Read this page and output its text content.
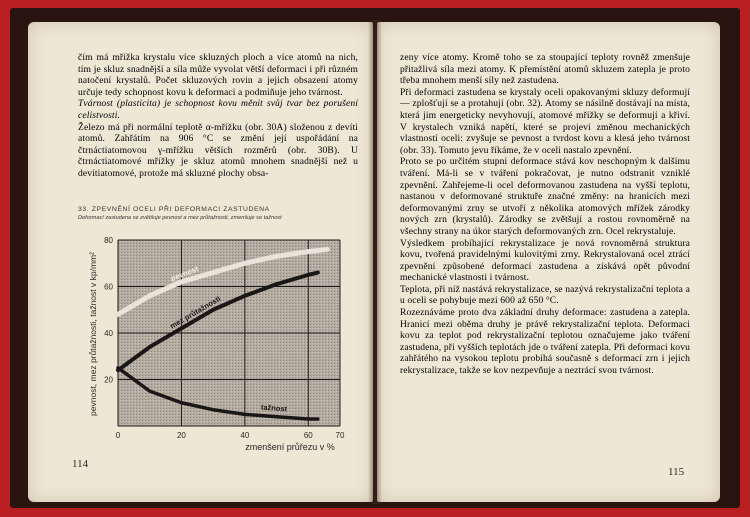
čím má mřížka krystalu více skluzných ploch a více atomů na nich, tím je skluz snadnější a síla může vyvolat větší deformaci i při různém natočení krystalů. Počet skluzových rovin a jejich obsazení atomy určuje tedy schopnost kovu k deformaci a podmiňuje jeho tvárnost.

Tvárnost (plasticita) je schopnost kovu měnit svůj tvar bez porušení celistvosti.

Železo má při normální teplotě α-mřížku (obr. 30A) složenou z devíti atomů. Zahřátím na 906 °C se změní její uspořádání na čtrnáctiatomovou γ-mřížku větších rozměrů (obr. 30B). U čtrnáctiatomové mřížky je skluz atomů mnohem snadnější než u devítiatomové, protože má skluzné plochy obsa-

33. ZPEVNĚNÍ OCELI PŘI DEFORMACI ZASTUDENA
Deformací zastudena se zvětšuje pevnost a mez průtažnosti, zmenšuje se tažnost
pevnost
mez průtažnosti
tažnost
0	20	40	60	70
20
40
60
80
zmenšení průřezu v %
pevnost, mez průtažnosti, tažnost v kp/mm²
114

zeny více atomy. Kromě toho se za stoupající teploty rovněž zmenšuje přitažlivá síla mezi atomy. K přemístění atomů skluzem zatepla je proto třeba mnohem menší síly než zastudena.

Při deformaci zastudena se krystaly oceli opakovanými skluzy deformují — zplošťují se a protahují (obr. 32). Atomy se násilně dostávají na místa, která jim energeticky nevyhovují, atomové mřížky se deformují a křiví. V krystalech vzniká napětí, které se projeví změnou mechanických vlastností oceli: zvyšuje se pevnost a tvrdost kovu a klesá jeho tvárnost (obr. 33). Tomuto jevu říkáme, že v oceli nastalo zpevnění.

Proto se po určitém stupni deformace stává kov neschopným k dalšímu tváření. Má-li se v tváření pokračovat, je nutno odstranit vzniklé zpevnění. Zahřejeme-li ocel deformovanou zastudena na vyšší teplotu, nastanou v deformované struktuře značné změny: na hranicích mezi deformovanými zrny se utvoří z několika atomových mřížek zárodky nových zrn (krystalů). Zárodky se zvětšují a rostou rovnoměrně na všechny strany na úkor starých deformovaných zrn. Ocel rekrystaluje.

Výsledkem probíhající rekrystalizace je nová rovnoměrná struktura kovu, tvořená pravidelnými kulovitými zrny. Rekrystalovaná ocel ztrácí zpevnění způsobené deformací zastudena a získává opět původní mechanické vlastnosti i tvárnost.

Teplota, při níž nastává rekrystalizace, se nazývá rekrystalizační teplota a u oceli se pohybuje mezi 600 až 650 °C.

Rozeznáváme proto dva základní druhy deformace: zastudena a zatepla. Hranicí mezi oběma druhy je právě rekrystalizační teplota. Deformaci kovu za teplot pod rekrystalizační teplotou označujeme jako tváření zastudena, při vyšších teplotách jde o tváření zatepla. Při deformaci kovu zahřátého na vysokou teplotu probíhá současně s deformací zrn i jejich rekrystalizace, takže se kov nezpevňuje a neztrácí svou tvárnost.

115
